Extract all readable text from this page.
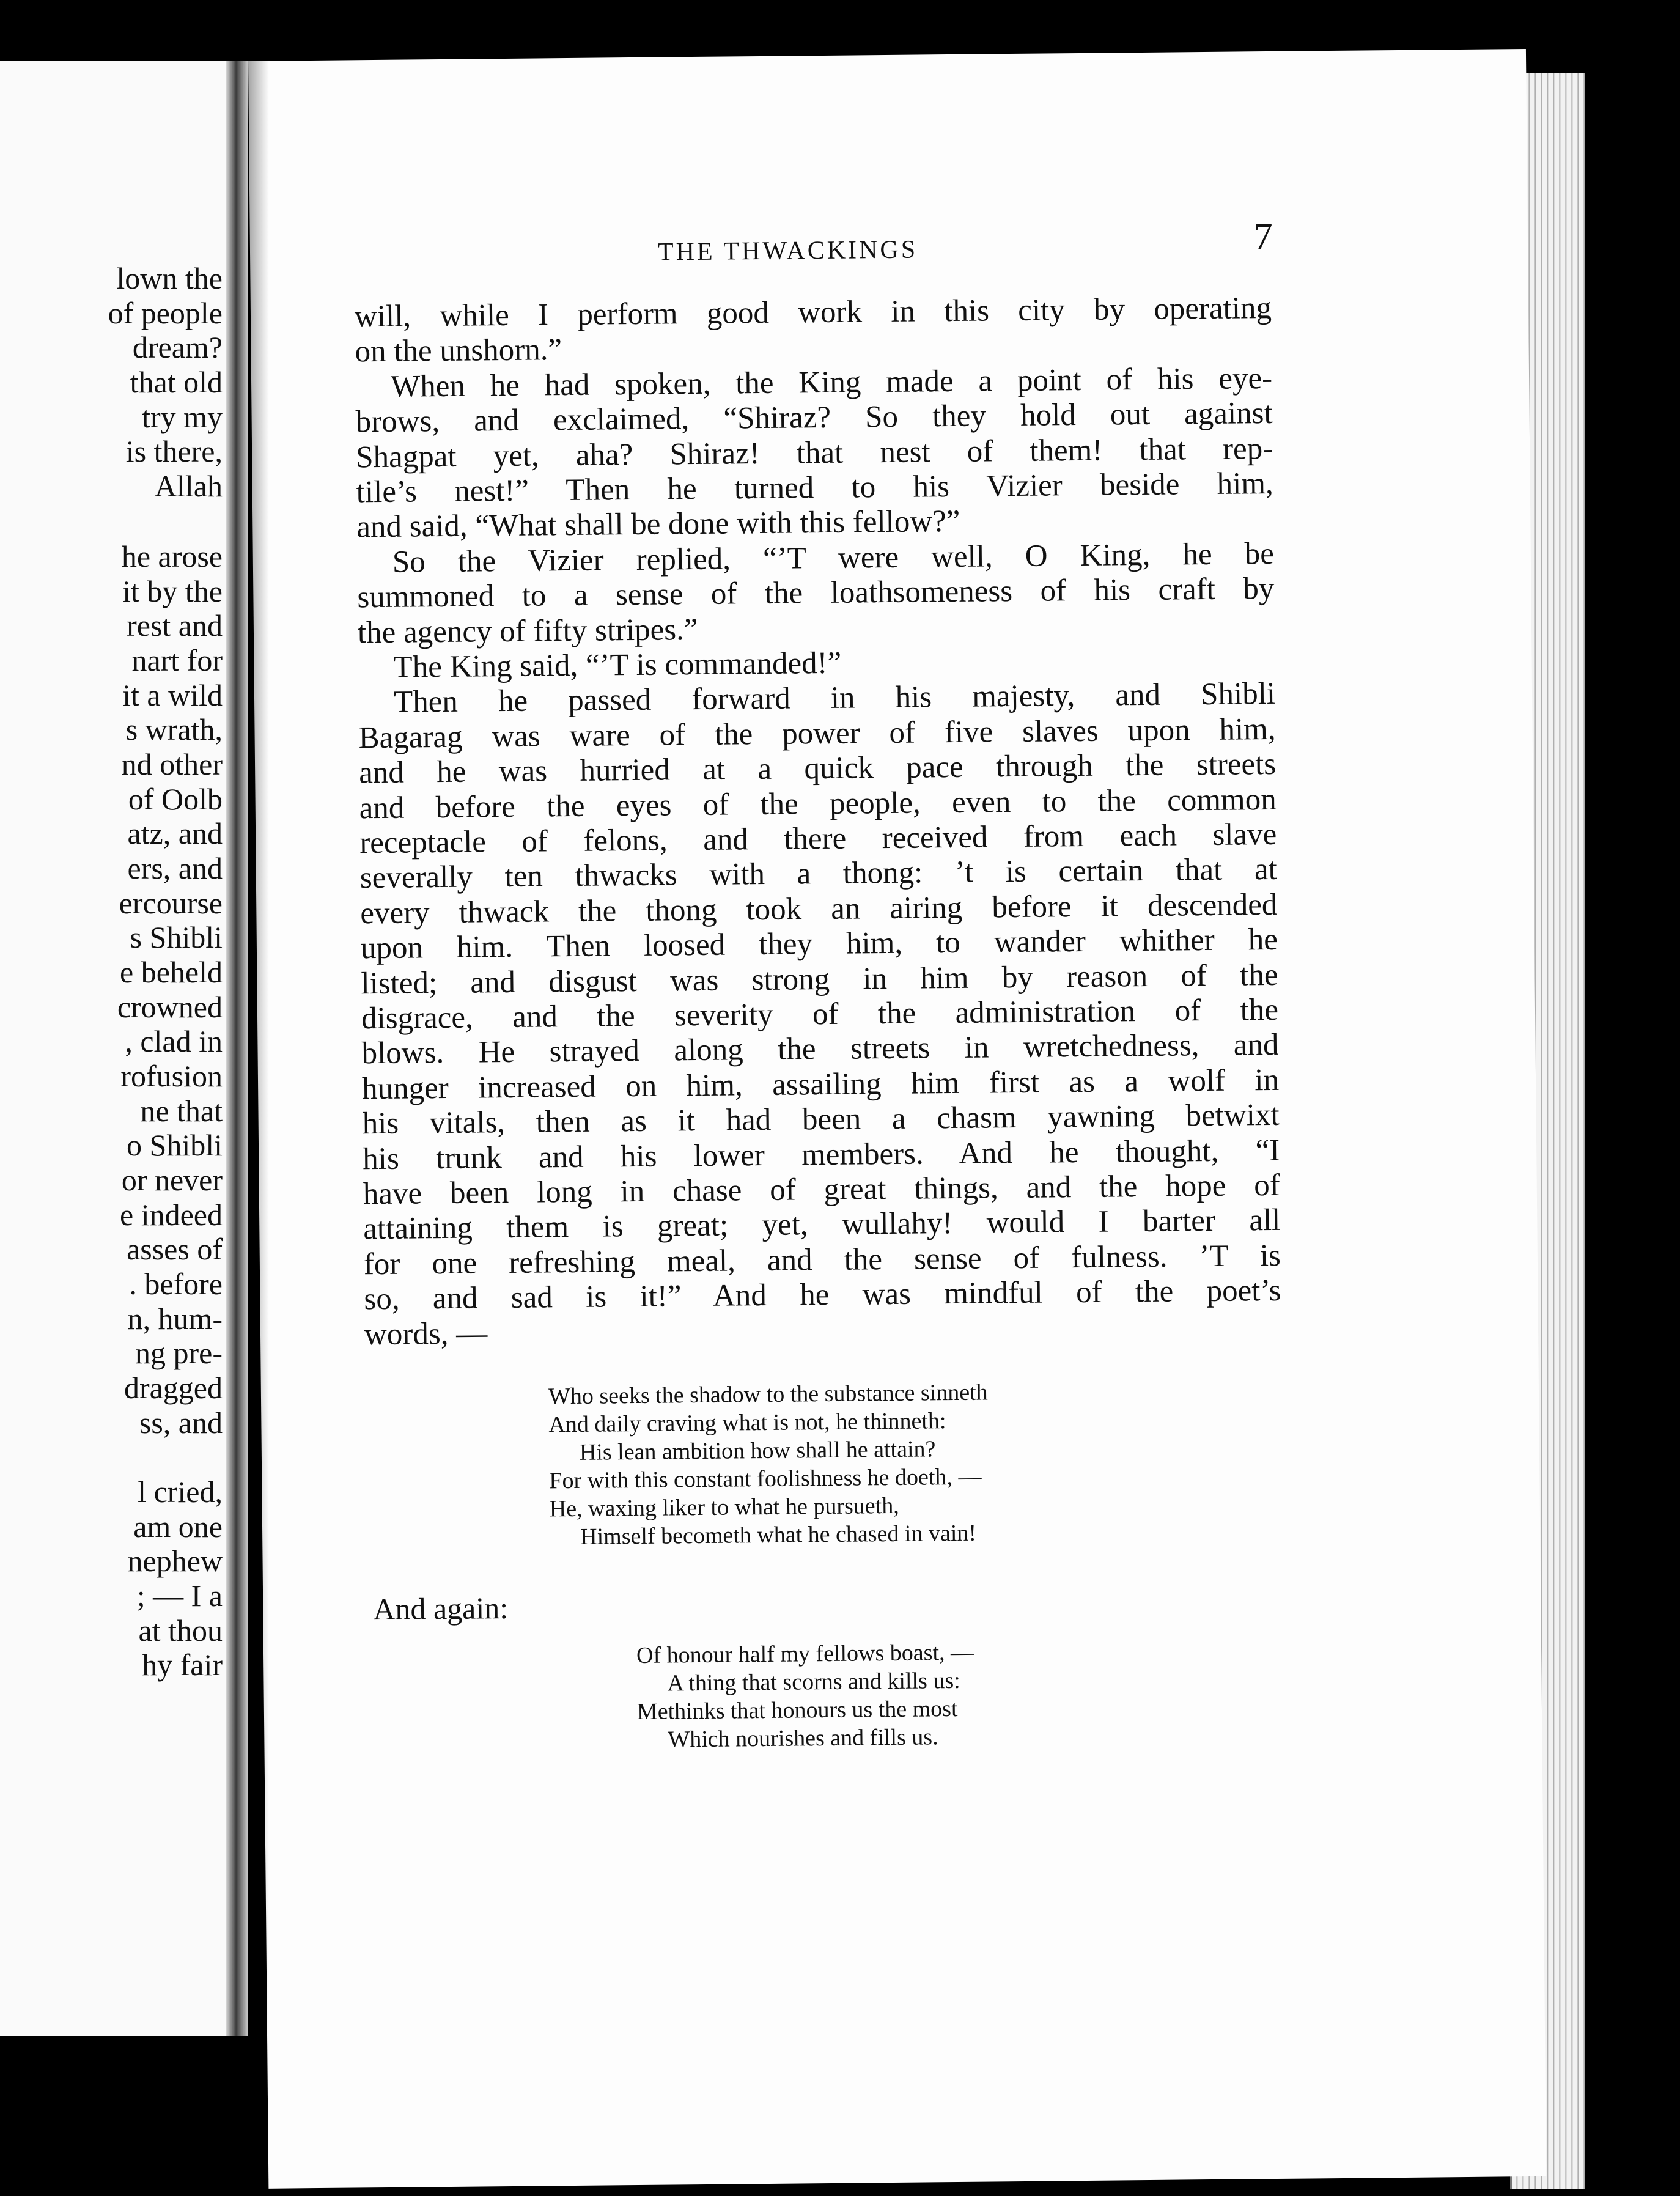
lown the
of people
dream?
that old
try my
is there,
Allah
he arose
it by the
rest and
nart for
it a wild
s wrath,
nd other
of Oolb
atz, and
ers, and
ercourse
s Shibli
e beheld
crowned
, clad in
rofusion
ne that
o Shibli
or never
e indeed
asses of
. before
n, hum-
ng pre-
dragged
ss, and
l cried,
am one
nephew
; — I a
at thou
hy fair
THE THWACKINGS	7
will, while I perform good work in this city by operating
on the unshorn.”
When he had spoken, the King made a point of his eye-
brows, and exclaimed, “Shiraz? So they hold out against
Shagpat yet, aha? Shiraz! that nest of them! that rep-
tile’s nest!” Then he turned to his Vizier beside him,
and said, “What shall be done with this fellow?”
So the Vizier replied, “’T were well, O King, he be
summoned to a sense of the loathsomeness of his craft by
the agency of fifty stripes.”
The King said, “’T is commanded!”
Then he passed forward in his majesty, and Shibli
Bagarag was ware of the power of five slaves upon him,
and he was hurried at a quick pace through the streets
and before the eyes of the people, even to the common
receptacle of felons, and there received from each slave
severally ten thwacks with a thong: ’t is certain that at
every thwack the thong took an airing before it descended
upon him. Then loosed they him, to wander whither he
listed; and disgust was strong in him by reason of the
disgrace, and the severity of the administration of the
blows. He strayed along the streets in wretchedness, and
hunger increased on him, assailing him first as a wolf in
his vitals, then as it had been a chasm yawning betwixt
his trunk and his lower members. And he thought, “I
have been long in chase of great things, and the hope of
attaining them is great; yet, wullahy! would I barter all
for one refreshing meal, and the sense of fulness. ’T is
so, and sad is it!” And he was mindful of the poet’s
words, —
Who seeks the shadow to the substance sinneth
And daily craving what is not, he thinneth:
His lean ambition how shall he attain?
For with this constant foolishness he doeth, —
He, waxing liker to what he pursueth,
Himself becometh what he chased in vain!
And again:
Of honour half my fellows boast, —
A thing that scorns and kills us:
Methinks that honours us the most
Which nourishes and fills us.
